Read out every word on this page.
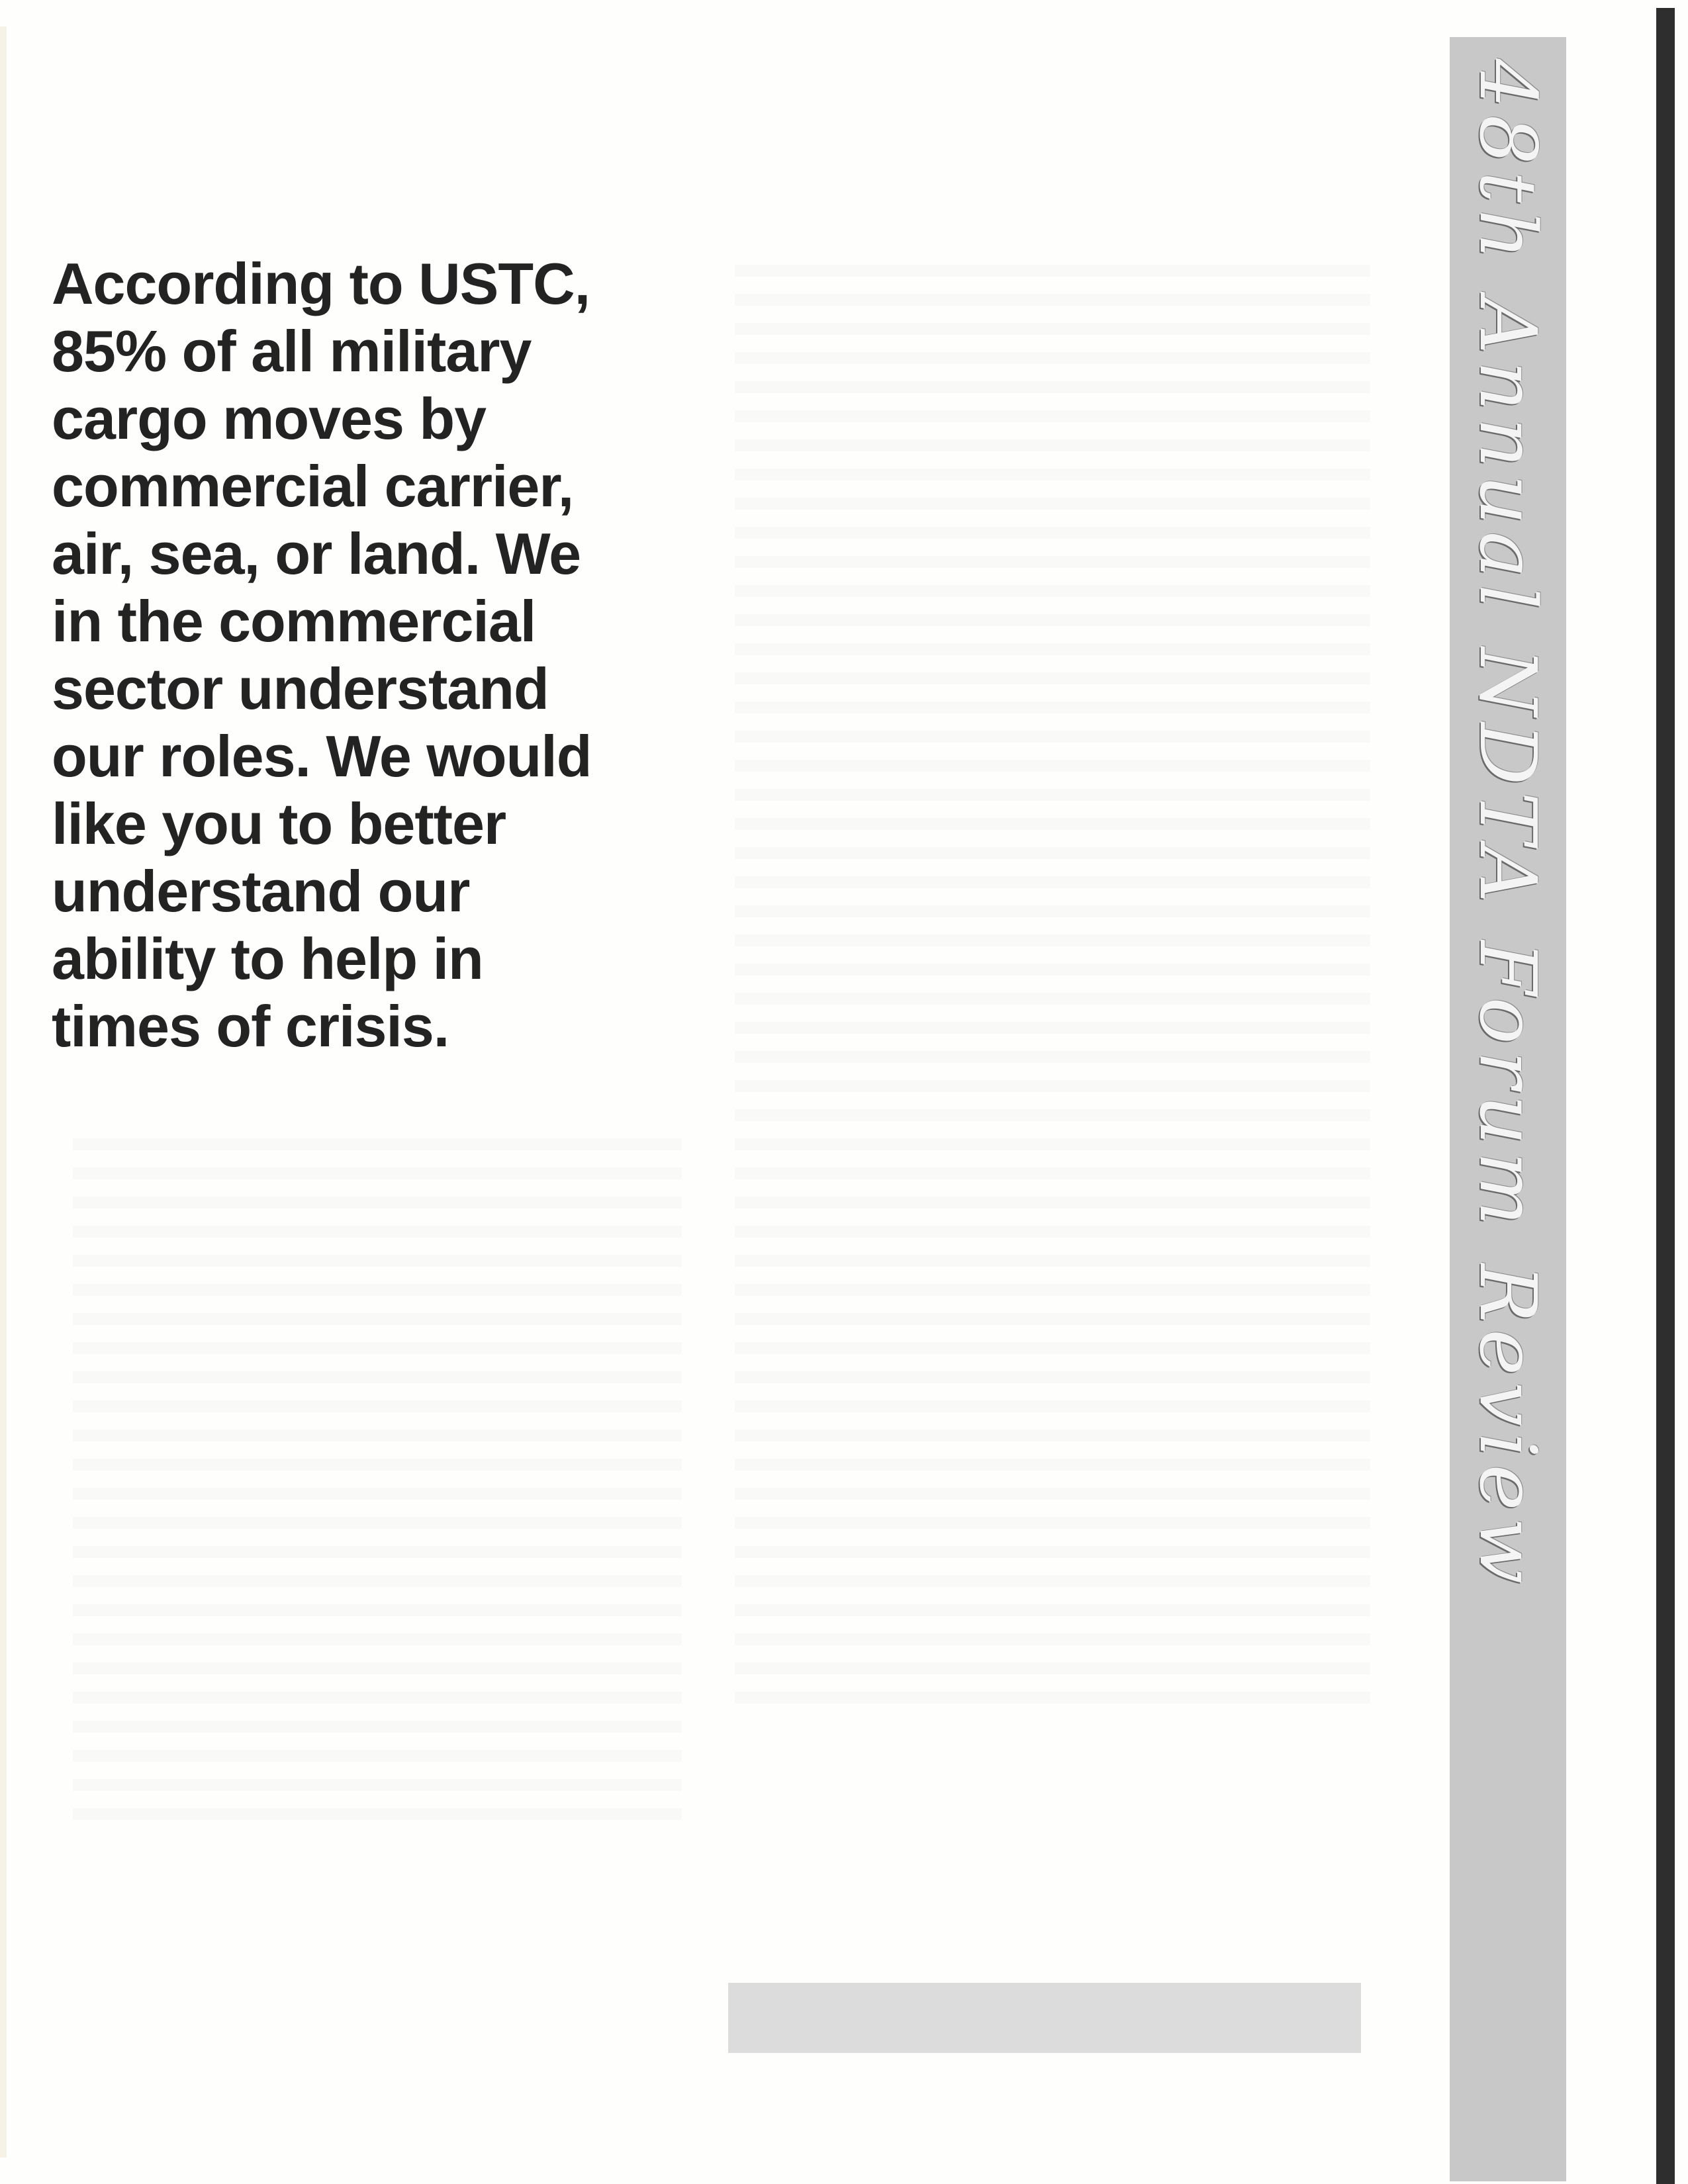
According to USTC,
85% of all military
cargo moves by
commercial carrier,
air, sea, or land. We
in the commercial
sector understand
our roles. We would
like you to better
understand our
ability to help in
times of crisis.	48th Annual NDTA Forum Review
